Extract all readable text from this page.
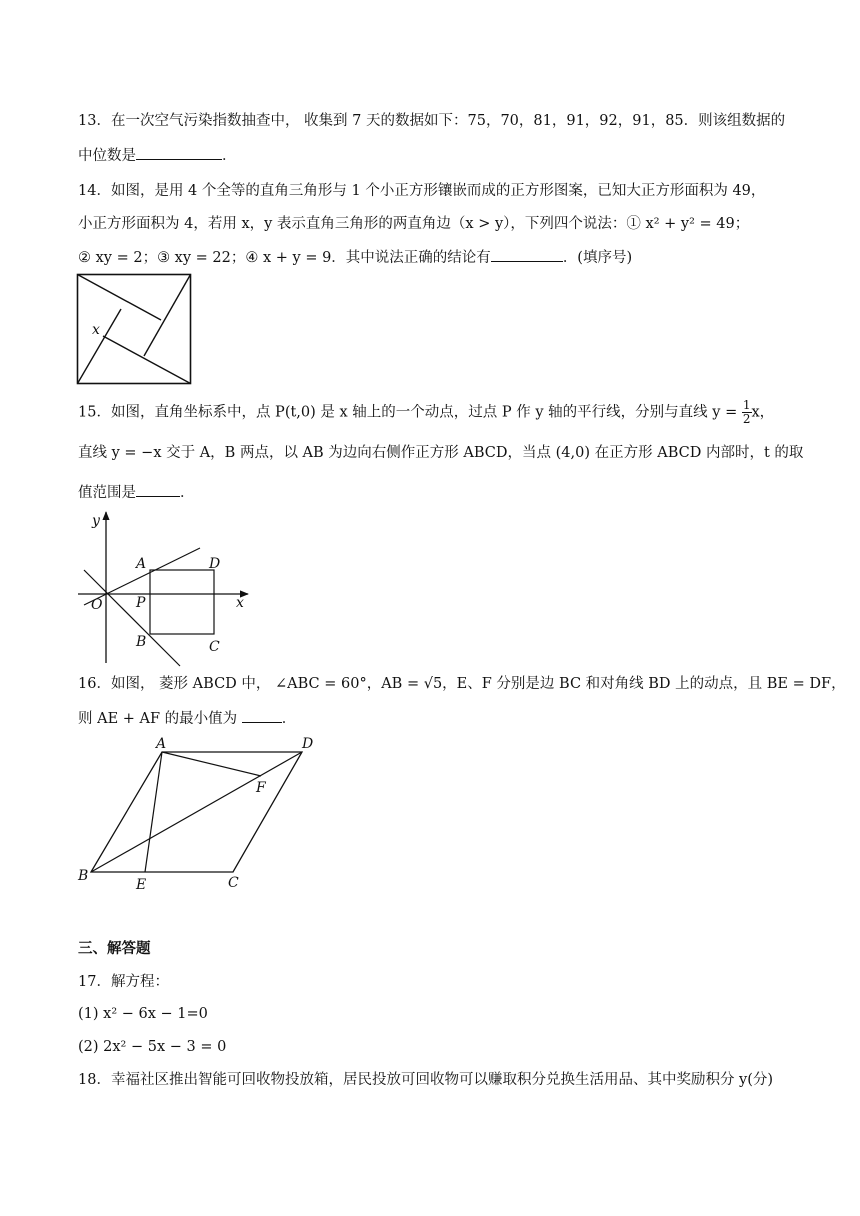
13．在一次空气污染指数抽查中， 收集到 7 天的数据如下：75，70，81，91，92，91，85．则该组数据的
中位数是	．
14．如图，是用 4 个全等的直角三角形与 1 个小正方形镶嵌而成的正方形图案，已知大正方形面积为 49，
小正方形面积为 4，若用 x，y 表示直角三角形的两直角边（x > y），下列四个说法：① x² + y² = 49；
② xy = 2；③ xy = 22；④ x + y = 9．其中说法正确的结论有	．(填序号)
x
15．如图，直角坐标系中，点 P(t,0) 是 x 轴上的一个动点，过点 P 作 y 轴的平行线，分别与直线 $y = \frac{1}{2}$ x，
直线 y = −x 交于 A，B 两点，以 AB 为边向右侧作正方形 ABCD，当点 (4,0) 在正方形 ABCD 内部时，t 的取
值范围是	．
y
x
O
A
P
B
D
C
16．如图， 菱形 ABCD 中， ∠ABC = 60°，AB = √5，E、F 分别是边 BC 和对角线 BD 上的动点，且 BE = DF，
则 AE + AF 的最小值为	．
A	D
F
B
E	C
三、解答题
17．解方程：
(1) x² − 6x − 1=0
(2) 2x² − 5x − 3 = 0
18．幸福社区推出智能可回收物投放箱，居民投放可回收物可以赚取积分兑换生活用品、其中奖励积分 y(分)
